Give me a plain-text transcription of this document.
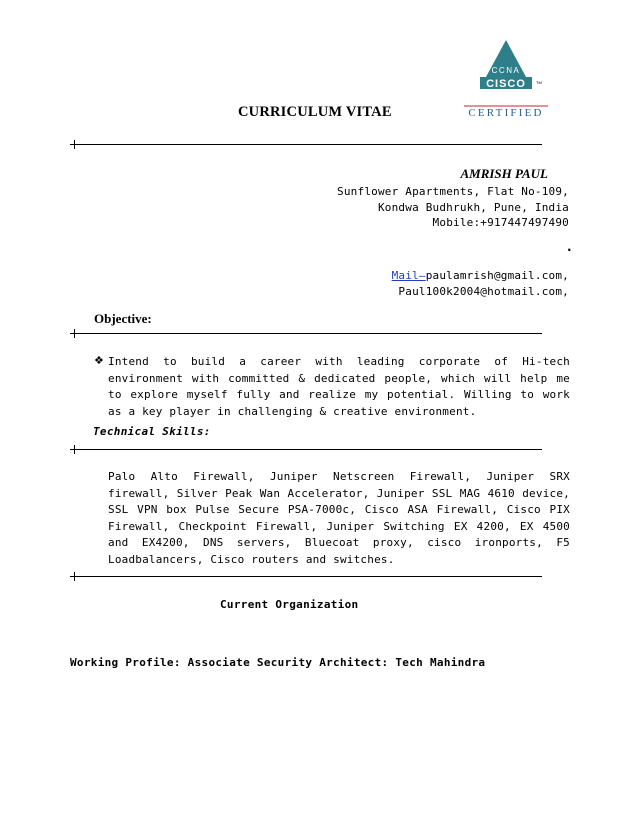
CCNA
CISCO	TM
CERTIFIED
CURRICULUM VITAE
AMRISH PAUL
Sunflower Apartments, Flat No-109,
Kondwa Budhrukh, Pune, India
Mobile:+917447497490
.
Mail–paulamrish@gmail.com,
Paul100k2004@hotmail.com,
Objective:
❖ Intend to build a career with leading corporate of Hi-tech environment with committed & dedicated people, which will help me to explore myself fully and realize my potential. Willing to work as a key player in challenging & creative environment.
Technical Skills:
Palo Alto Firewall, Juniper Netscreen Firewall, Juniper SRX firewall, Silver Peak Wan Accelerator, Juniper SSL MAG 4610 device, SSL VPN box Pulse Secure PSA-7000c, Cisco ASA Firewall, Cisco PIX Firewall, Checkpoint Firewall, Juniper Switching EX 4200, EX 4500 and EX4200, DNS servers, Bluecoat proxy, cisco ironports, F5 Loadbalancers, Cisco routers and switches.
Current Organization
Working Profile: Associate Security Architect: Tech Mahindra
